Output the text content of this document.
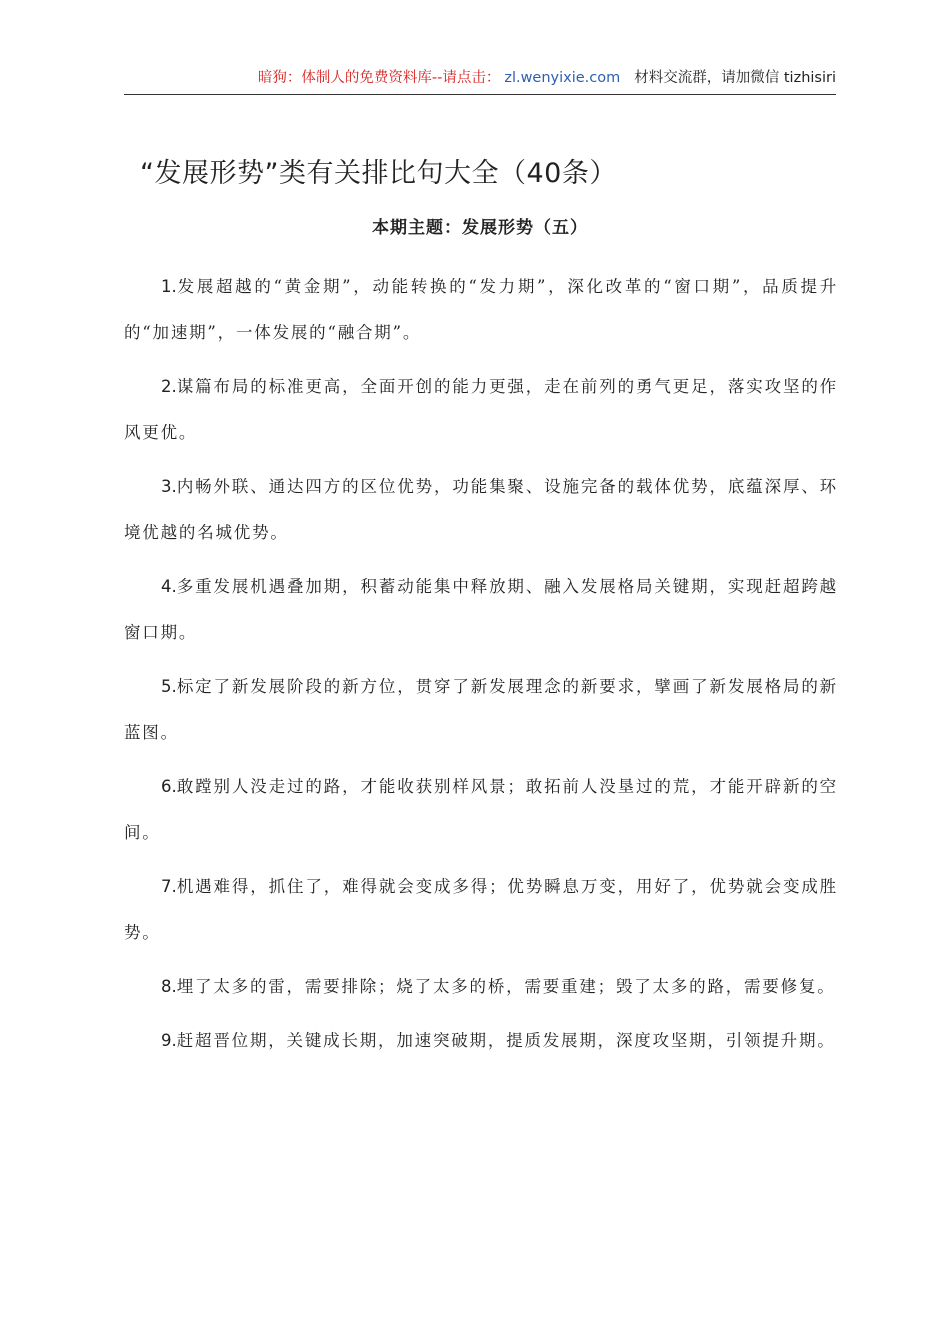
暗狗：体制人的免费资料库--请点击： zl.wenyixie.com 材料交流群，请加微信 tizhisiri
“发展形势”类有关排比句大全（40条）
本期主题：发展形势（五）

1.发展超越的“黄金期”，动能转换的“发力期”，深化改革的“窗口期”，品质提升的“加速期”，一体发展的“融合期”。

2.谋篇布局的标准更高，全面开创的能力更强，走在前列的勇气更足，落实攻坚的作风更优。

3.内畅外联、通达四方的区位优势，功能集聚、设施完备的载体优势，底蕴深厚、环境优越的名城优势。

4.多重发展机遇叠加期，积蓄动能集中释放期、融入发展格局关键期，实现赶超跨越窗口期。

5.标定了新发展阶段的新方位，贯穿了新发展理念的新要求，擘画了新发展格局的新蓝图。

6.敢蹚别人没走过的路，才能收获别样风景；敢拓前人没垦过的荒，才能开辟新的空间。

7.机遇难得，抓住了，难得就会变成多得；优势瞬息万变，用好了，优势就会变成胜势。

8.埋了太多的雷，需要排除；烧了太多的桥，需要重建；毁了太多的路，需要修复。

9.赶超晋位期，关键成长期，加速突破期，提质发展期，深度攻坚期，引领提升期。
